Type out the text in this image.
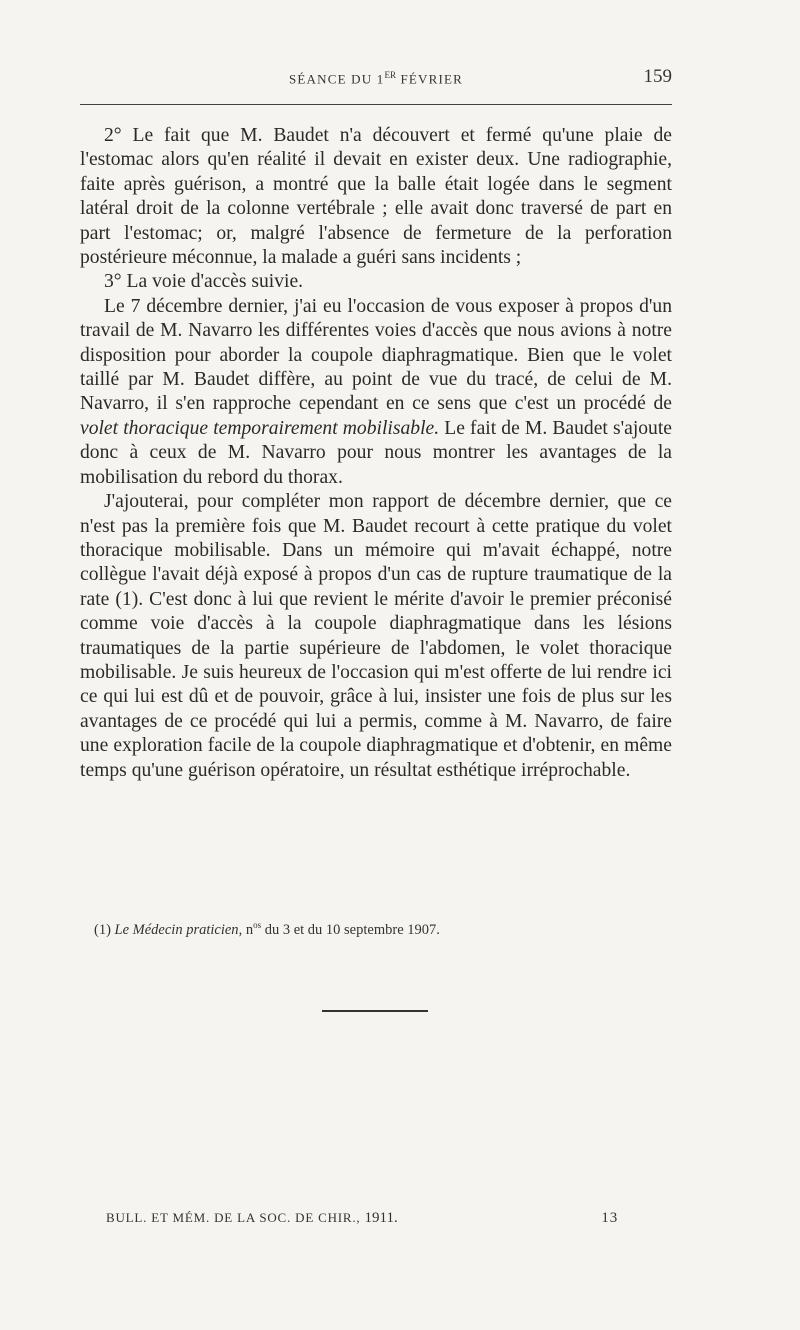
SÉANCE DU 1ER FÉVRIER	159

2° Le fait que M. Baudet n'a découvert et fermé qu'une plaie de l'estomac alors qu'en réalité il devait en exister deux. Une radiographie, faite après guérison, a montré que la balle était logée dans le segment latéral droit de la colonne vertébrale ; elle avait donc traversé de part en part l'estomac; or, malgré l'absence de fermeture de la perforation postérieure méconnue, la malade a guéri sans incidents ;

3° La voie d'accès suivie.

Le 7 décembre dernier, j'ai eu l'occasion de vous exposer à propos d'un travail de M. Navarro les différentes voies d'accès que nous avions à notre disposition pour aborder la coupole diaphragmatique. Bien que le volet taillé par M. Baudet diffère, au point de vue du tracé, de celui de M. Navarro, il s'en rapproche cependant en ce sens que c'est un procédé de volet thoracique temporairement mobilisable. Le fait de M. Baudet s'ajoute donc à ceux de M. Navarro pour nous montrer les avantages de la mobilisation du rebord du thorax.

J'ajouterai, pour compléter mon rapport de décembre dernier, que ce n'est pas la première fois que M. Baudet recourt à cette pratique du volet thoracique mobilisable. Dans un mémoire qui m'avait échappé, notre collègue l'avait déjà exposé à propos d'un cas de rupture traumatique de la rate (1). C'est donc à lui que revient le mérite d'avoir le premier préconisé comme voie d'accès à la coupole diaphragmatique dans les lésions traumatiques de la partie supérieure de l'abdomen, le volet thoracique mobilisable. Je suis heureux de l'occasion qui m'est offerte de lui rendre ici ce qui lui est dû et de pouvoir, grâce à lui, insister une fois de plus sur les avantages de ce procédé qui lui a permis, comme à M. Navarro, de faire une exploration facile de la coupole diaphragmatique et d'obtenir, en même temps qu'une guérison opératoire, un résultat esthétique irréprochable.

(1) Le Médecin praticien, $n^{os}$ du 3 et du 10 septembre 1907.
BULL. ET MÉM. DE LA SOC. DE CHIR., 1911.	13
